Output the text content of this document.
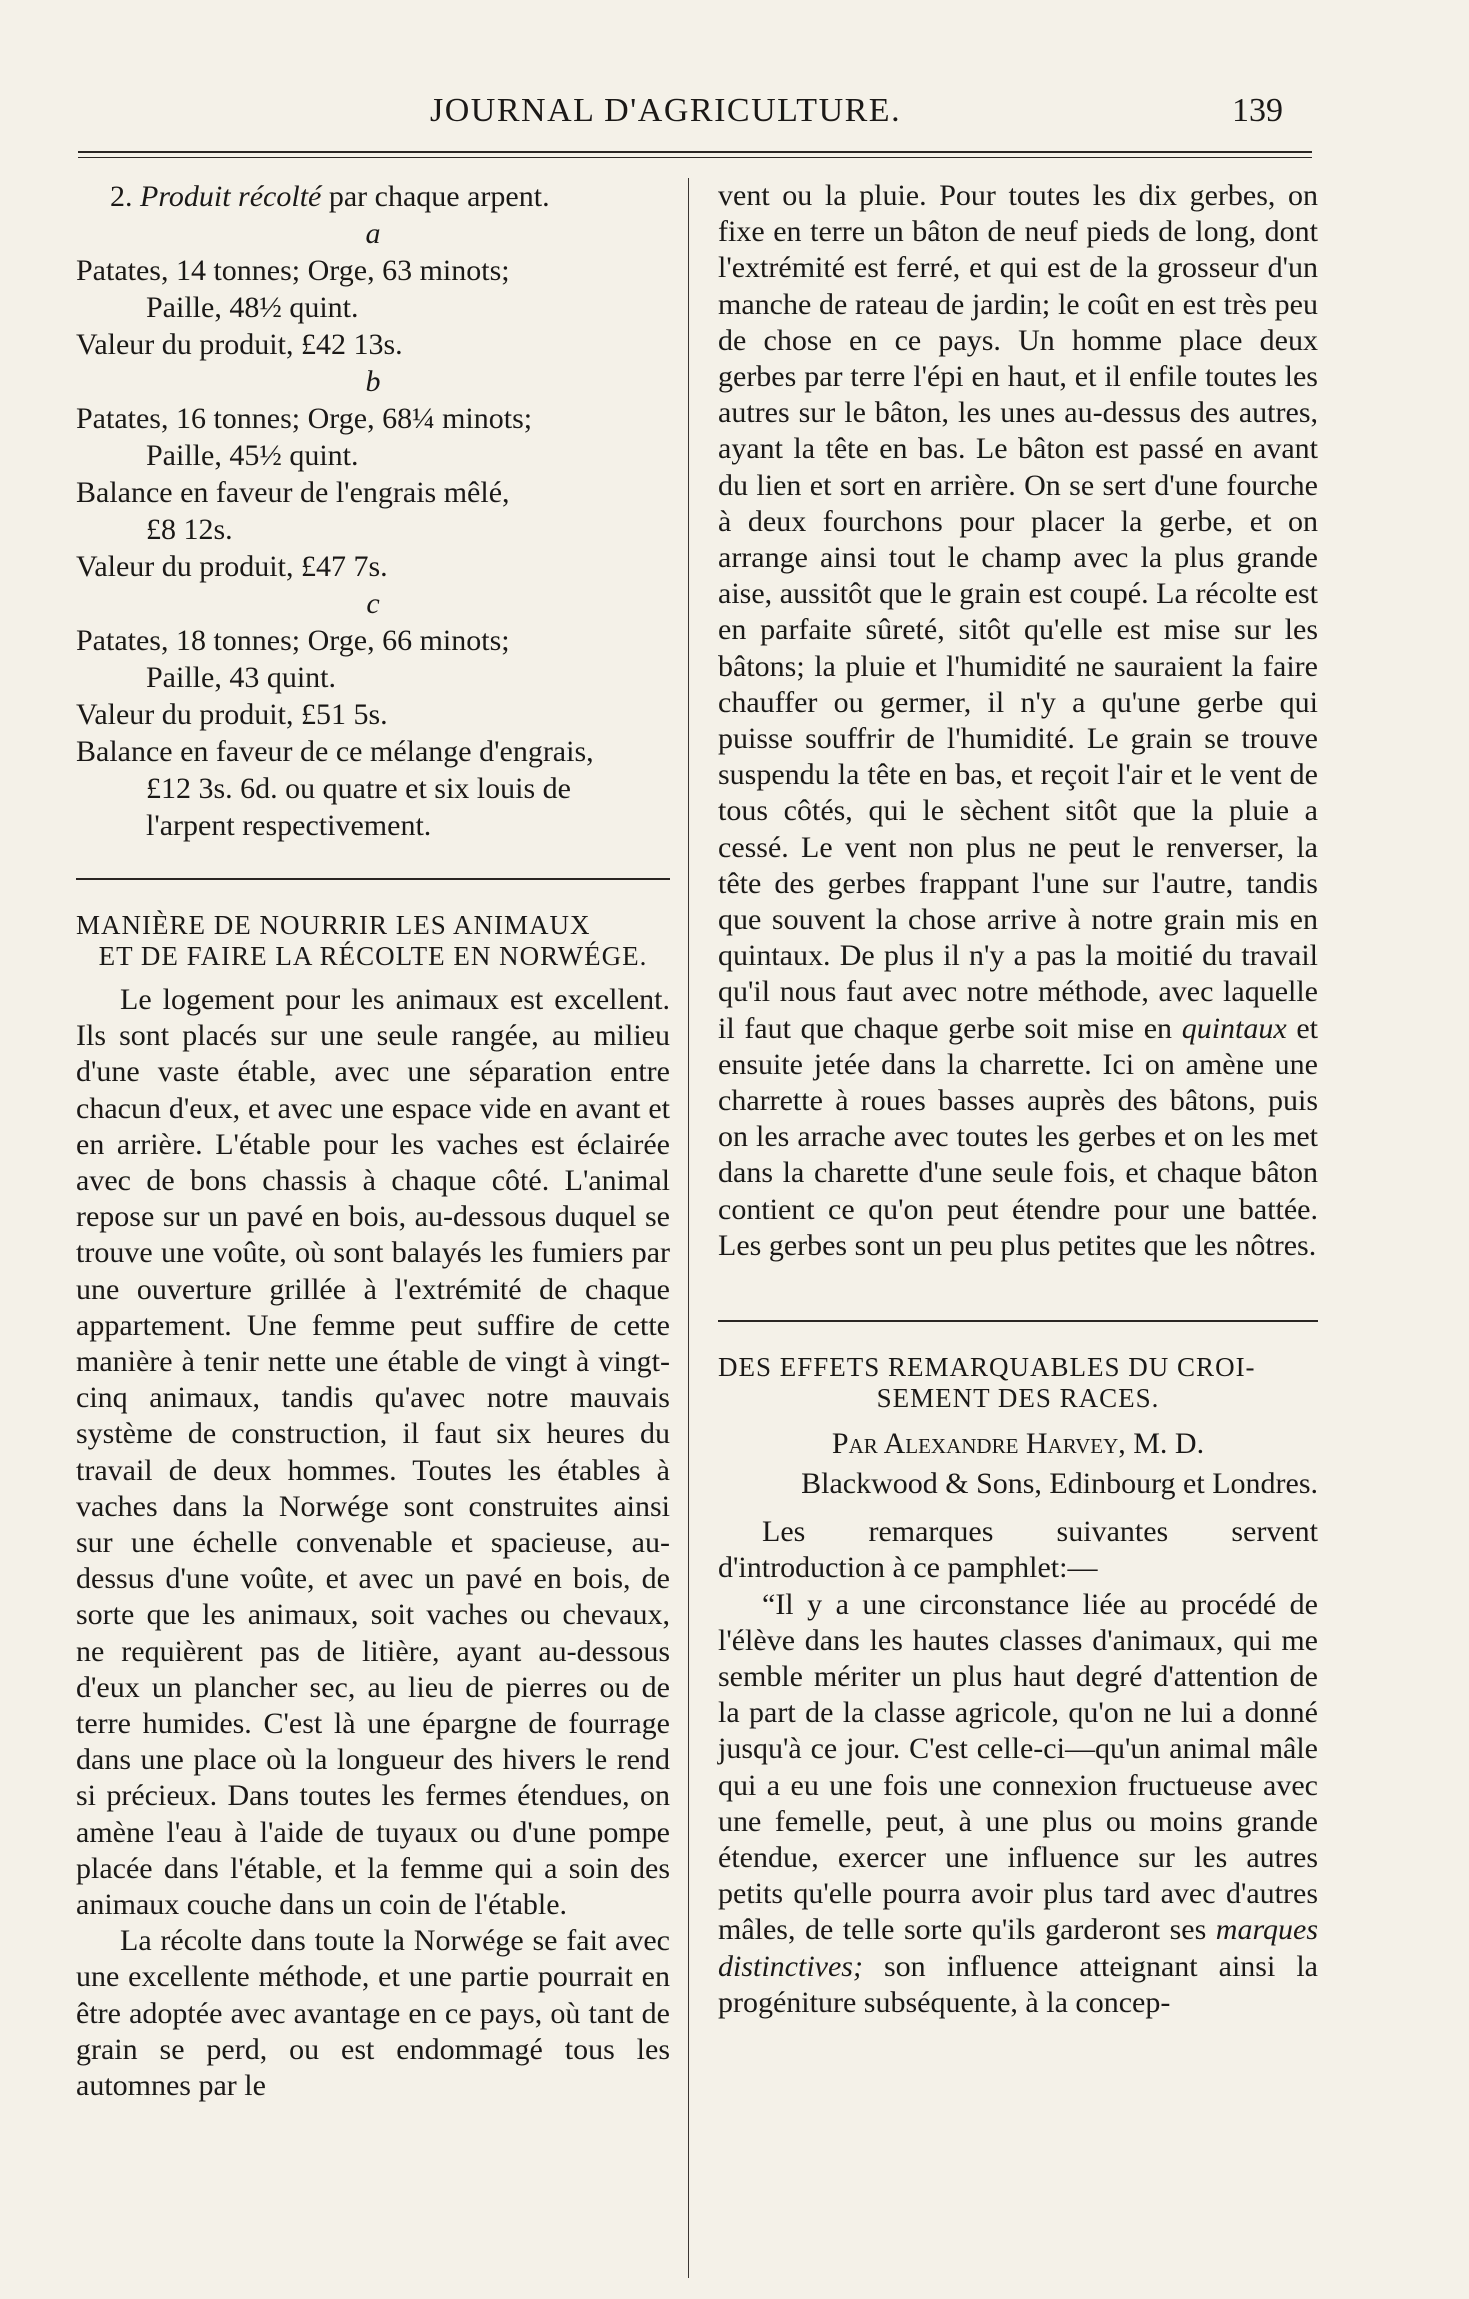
JOURNAL D'AGRICULTURE.	139
2. Produit récolté par chaque arpent.
a
Patates, 14 tonnes; Orge, 63 minots;
Paille, 48½ quint.
Valeur du produit, £42 13s.
b
Patates, 16 tonnes; Orge, 68¼ minots;
Paille, 45½ quint.
Balance en faveur de l'engrais mêlé,
£8 12s.
Valeur du produit, £47 7s.
c
Patates, 18 tonnes; Orge, 66 minots;
Paille, 43 quint.
Valeur du produit, £51 5s.
Balance en faveur de ce mélange d'engrais,
£12 3s. 6d. ou quatre et six louis de
l'arpent respectivement.
MANIÈRE DE NOURRIR LES ANIMAUX
ET DE FAIRE LA RÉCOLTE EN NORWÉGE.

Le logement pour les animaux est excellent. Ils sont placés sur une seule rangée, au milieu d'une vaste étable, avec une séparation entre chacun d'eux, et avec une espace vide en avant et en arrière. L'étable pour les vaches est éclairée avec de bons chassis à chaque côté. L'animal repose sur un pavé en bois, au-dessous duquel se trouve une voûte, où sont balayés les fumiers par une ouverture grillée à l'extrémité de chaque appartement. Une femme peut suffire de cette manière à tenir nette une étable de vingt à vingt-cinq animaux, tandis qu'avec notre mauvais système de construction, il faut six heures du travail de deux hommes. Toutes les étables à vaches dans la Norwége sont construites ainsi sur une échelle convenable et spacieuse, au-dessus d'une voûte, et avec un pavé en bois, de sorte que les animaux, soit vaches ou chevaux, ne requièrent pas de litière, ayant au-dessous d'eux un plancher sec, au lieu de pierres ou de terre humides. C'est là une épargne de fourrage dans une place où la longueur des hivers le rend si précieux. Dans toutes les fermes étendues, on amène l'eau à l'aide de tuyaux ou d'une pompe placée dans l'étable, et la femme qui a soin des animaux couche dans un coin de l'étable.

La récolte dans toute la Norwége se fait avec une excellente méthode, et une partie pourrait en être adoptée avec avantage en ce pays, où tant de grain se perd, ou est endommagé tous les automnes par le

vent ou la pluie. Pour toutes les dix gerbes, on fixe en terre un bâton de neuf pieds de long, dont l'extrémité est ferré, et qui est de la grosseur d'un manche de rateau de jardin; le coût en est très peu de chose en ce pays. Un homme place deux gerbes par terre l'épi en haut, et il enfile toutes les autres sur le bâton, les unes au-dessus des autres, ayant la tête en bas. Le bâton est passé en avant du lien et sort en arrière. On se sert d'une fourche à deux fourchons pour placer la gerbe, et on arrange ainsi tout le champ avec la plus grande aise, aussitôt que le grain est coupé. La récolte est en parfaite sûreté, sitôt qu'elle est mise sur les bâtons; la pluie et l'humidité ne sauraient la faire chauffer ou germer, il n'y a qu'une gerbe qui puisse souffrir de l'humidité. Le grain se trouve suspendu la tête en bas, et reçoit l'air et le vent de tous côtés, qui le sèchent sitôt que la pluie a cessé. Le vent non plus ne peut le renverser, la tête des gerbes frappant l'une sur l'autre, tandis que souvent la chose arrive à notre grain mis en quintaux. De plus il n'y a pas la moitié du travail qu'il nous faut avec notre méthode, avec laquelle il faut que chaque gerbe soit mise en quintaux et ensuite jetée dans la charrette. Ici on amène une charrette à roues basses auprès des bâtons, puis on les arrache avec toutes les gerbes et on les met dans la charette d'une seule fois, et chaque bâton contient ce qu'on peut étendre pour une battée. Les gerbes sont un peu plus petites que les nôtres.

DES EFFETS REMARQUABLES DU CROI-
SEMENT DES RACES.
Par Alexandre Harvey, M. D.
Blackwood & Sons, Edinbourg et Londres.

Les remarques suivantes servent d'introduction à ce pamphlet:—

“Il y a une circonstance liée au procédé de l'élève dans les hautes classes d'animaux, qui me semble mériter un plus haut degré d'attention de la part de la classe agricole, qu'on ne lui a donné jusqu'à ce jour. C'est celle-ci—qu'un animal mâle qui a eu une fois une connexion fructueuse avec une femelle, peut, à une plus ou moins grande étendue, exercer une influence sur les autres petits qu'elle pourra avoir plus tard avec d'autres mâles, de telle sorte qu'ils garderont ses marques distinctives; son influence atteignant ainsi la progéniture subséquente, à la concep-
